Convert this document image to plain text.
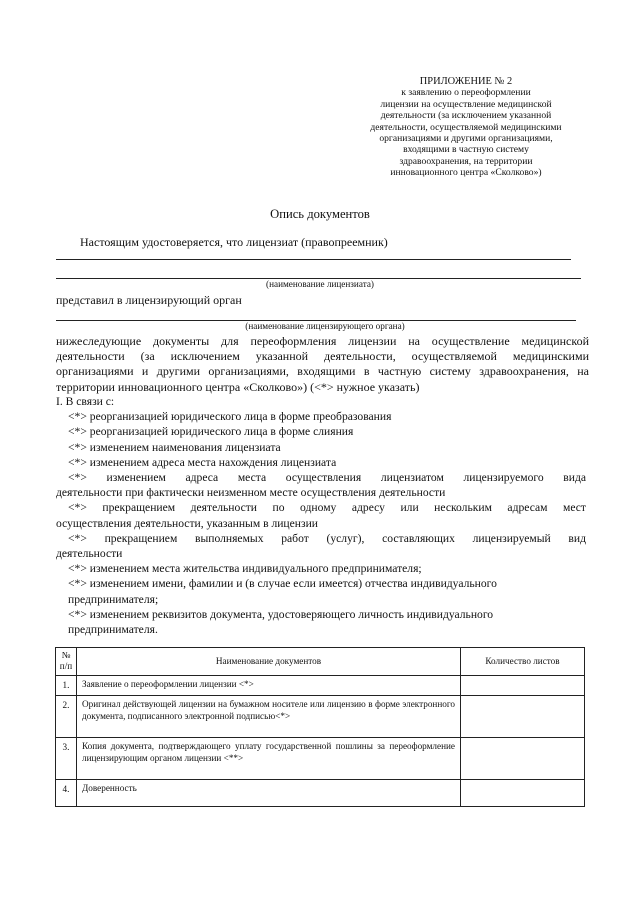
ПРИЛОЖЕНИЕ № 2
к заявлению о переоформлении
лицензии на осуществление медицинской
деятельности (за исключением указанной
деятельности, осуществляемой медицинскими
организациями и другими организациями,
входящими в частную систему
здравоохранения, на территории
инновационного центра «Сколково»)
Опись документов
Настоящим удостоверяется, что лицензиат (правопреемник)
(наименование лицензиата)
представил в лицензирующий орган
(наименование лицензирующего органа)
нижеследующие документы для переоформления лицензии на осуществление медицинской деятельности (за исключением указанной деятельности, осуществляемой медицинскими организациями и другими организациями, входящими в частную систему здравоохранения, на территории инновационного центра «Сколково») (<*> нужное указать)
I. В связи с:
<*> реорганизацией юридического лица в форме преобразования
<*> реорганизацией юридического лица в форме слияния
<*> изменением наименования лицензиата
<*> изменением адреса места нахождения лицензиата
<*> изменением адреса места осуществления лицензиатом лицензируемого вида
деятельности при фактически неизменном месте осуществления деятельности
<*> прекращением деятельности по одному адресу или нескольким адресам мест
осуществления деятельности, указанным в лицензии
<*> прекращением выполняемых работ (услуг), составляющих лицензируемый вид
деятельности
<*> изменением места жительства индивидуального предпринимателя;
<*> изменением имени, фамилии и (в случае если имеется) отчества индивидуального
предпринимателя;
<*> изменением реквизитов документа, удостоверяющего личность индивидуального
предпринимателя.
№ п/п	Наименование документов	Количество листов
1.	Заявление о переоформлении лицензии <*>	
2.	Оригинал действующей лицензии на бумажном носителе или лицензию в форме электронного документа, подписанного электронной подписью<*>	
3.	Копия документа, подтверждающего уплату государственной пошлины за переоформление лицензирующим органом лицензии <**>	
4.	Доверенность	
